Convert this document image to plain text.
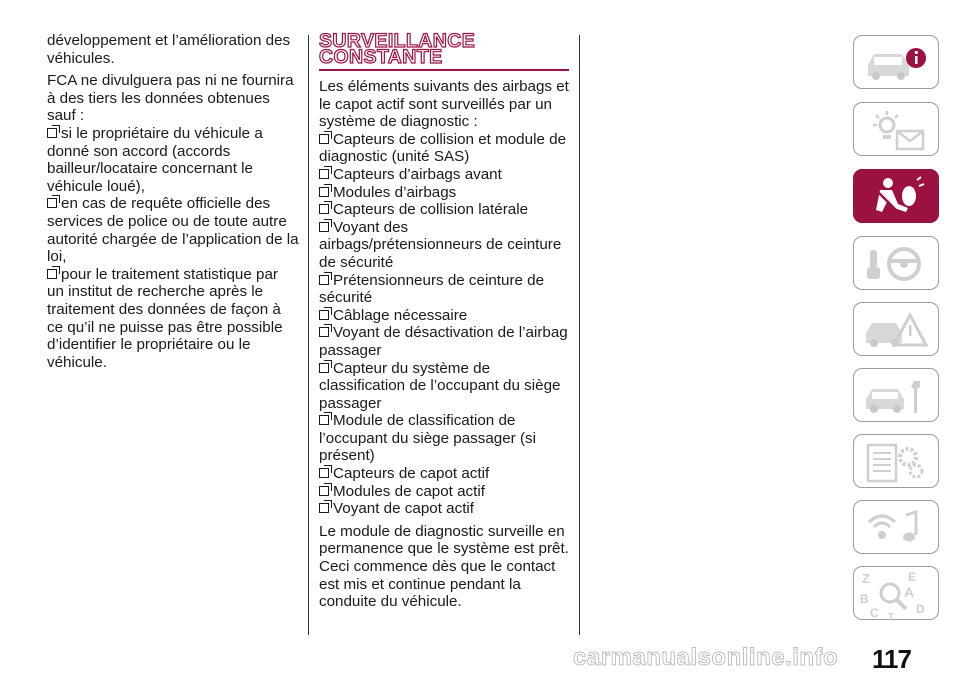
développement et l’amélioration des véhicules.

FCA ne divulguera pas ni ne fournira à des tiers les données obtenues sauf :

si le propriétaire du véhicule a donné son accord (accords bailleur/locataire concernant le véhicule loué),
en cas de requête officielle des services de police ou de toute autre autorité chargée de l’application de la loi,
pour le traitement statistique par un institut de recherche après le traitement des données de façon à ce qu’il ne puisse pas être possible d’identifier le propriétaire ou le véhicule.
SURVEILLANCE
CONSTANTE

Les éléments suivants des airbags et le capot actif sont surveillés par un système de diagnostic :

Capteurs de collision et module de diagnostic (unité SAS)
Capteurs d’airbags avant
Modules d’airbags
Capteurs de collision latérale
Voyant des airbags/prétensionneurs de ceinture de sécurité
Prétensionneurs de ceinture de sécurité
Câblage nécessaire
Voyant de désactivation de l’airbag passager
Capteur du système de classification de l’occupant du siège passager
Module de classification de l’occupant du siège passager (si présent)
Capteurs de capot actif
Modules de capot actif
Voyant de capot actif

Le module de diagnostic surveille en permanence que le système est prêt. Ceci commence dès que le contact est mis et continue pendant la conduite du véhicule.

Z	E
A
B
C	D
T
117
carmanualsonline.info
